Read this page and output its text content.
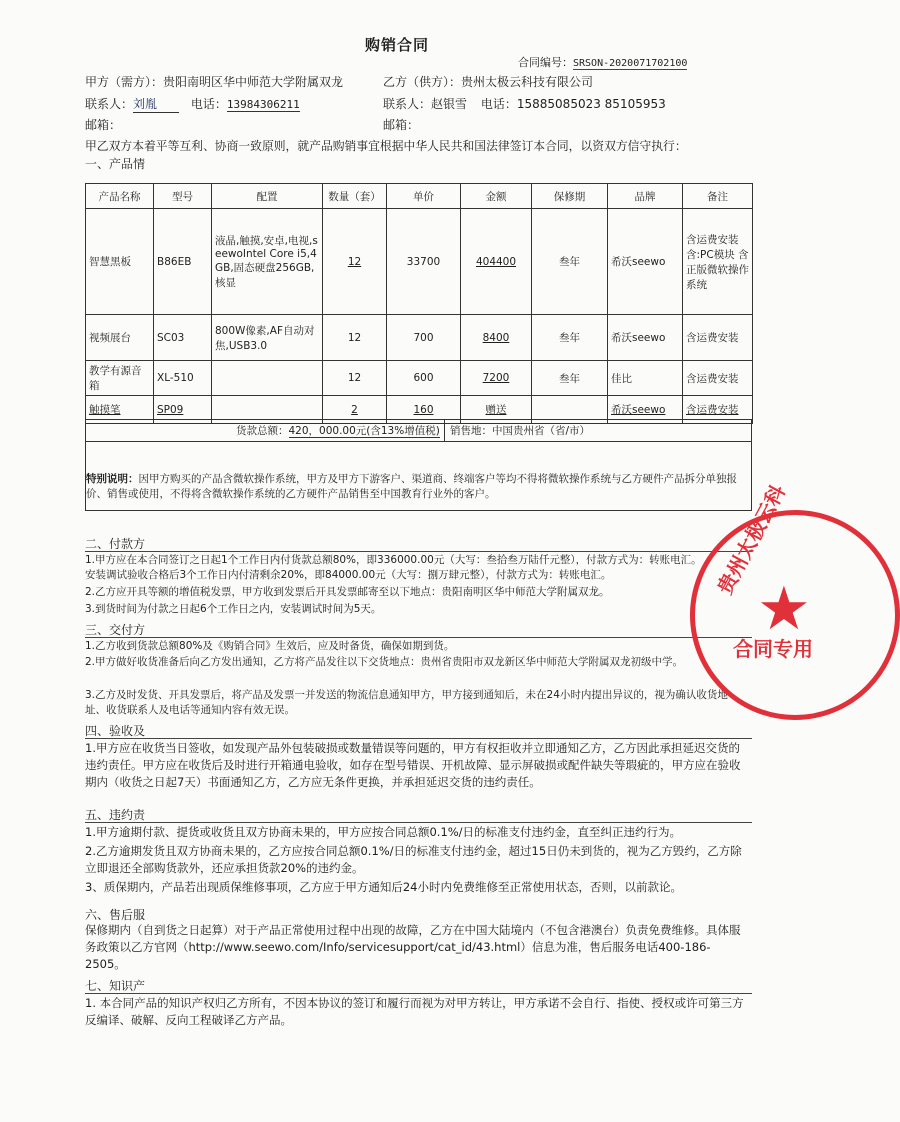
购销合同
合同编号：SRSON-2020071702100
甲方（需方）：贵阳南明区华中师范大学附属双龙
联系人：刘胤	电话：13984306211
邮箱：
乙方（供方）：贵州太极云科技有限公司
联系人：赵银雪 电话：15885085023 85105953
邮箱：
甲乙双方本着平等互利、协商一致原则，就产品购销事宜根据中华人民共和国法律签订本合同，以资双方信守执行：
一、产品情
产品名称	型号	配置	数量（套）	单价	金额	保修期	品牌	备注
智慧黑板	B86EB	液晶,触摸,安卓,电视,seewoIntel Core i5,4GB,固态硬盘256GB,核显	12	33700	404400	叁年	希沃seewo	含运费安装 含:PC模块 含正版微软操作系统
视频展台	SC03	800W像素,AF自动对焦,USB3.0	12	700	8400	叁年	希沃seewo	含运费安装
教学有源音箱	XL-510		12	600	7200	叁年	佳比	含运费安装
触摸笔	SP09		2	160	赠送		希沃seewo	含运费安装
货款总额：420，000.00元(含13%增值税) 销售地：中国贵州省（省/市）
特别说明：因甲方购买的产品含微软操作系统，甲方及甲方下游客户、渠道商、终端客户等均不得将微软操作系统与乙方硬件产品拆分单独报价、销售或使用，不得将含微软操作系统的乙方硬件产品销售至中国教育行业外的客户。
二、付款方
1.甲方应在本合同签订之日起1个工作日内付货款总额80%，即336000.00元（大写：叁拾叁万陆仟元整），付款方式为：转账电汇。安装调试验收合格后3个工作日内付清剩余20%，即84000.00元（大写：捌万肆元整），付款方式为：转账电汇。
2.乙方应开具等额的增值税发票，甲方收到发票后开具发票邮寄至以下地点：贵阳南明区华中师范大学附属双龙。
3.到货时间为付款之日起6个工作日之内，安装调试时间为5天。
三、交付方
1.乙方收到货款总额80%及《购销合同》生效后，应及时备货，确保如期到货。
2.甲方做好收货准备后向乙方发出通知，乙方将产品发往以下交货地点：贵州省贵阳市双龙新区华中师范大学附属双龙初级中学。
3.乙方及时发货、开具发票后，将产品及发票一并发送的物流信息通知甲方，甲方接到通知后，未在24小时内提出异议的，视为确认收货地址、收货联系人及电话等通知内容有效无误。
四、验收及
1.甲方应在收货当日签收，如发现产品外包装破损或数量错误等问题的，甲方有权拒收并立即通知乙方，乙方因此承担延迟交货的违约责任。甲方应在收货后及时进行开箱通电验收，如存在型号错误、开机故障、显示屏破损或配件缺失等瑕疵的，甲方应在验收期内（收货之日起7天）书面通知乙方，乙方应无条件更换，并承担延迟交货的违约责任。
五、违约责
1.甲方逾期付款、提货或收货且双方协商未果的，甲方应按合同总额0.1%/日的标准支付违约金，直至纠正违约行为。
2.乙方逾期发货且双方协商未果的，乙方应按合同总额0.1%/日的标准支付违约金，超过15日仍未到货的，视为乙方毁约，乙方除立即退还全部购货款外，还应承担货款20%的违约金。
3、质保期内，产品若出现质保维修事项，乙方应于甲方通知后24小时内免费维修至正常使用状态，否则，以前款论。
六、售后服
保修期内（自到货之日起算）对于产品正常使用过程中出现的故障，乙方在中国大陆境内（不包含港澳台）负责免费维修。具体服务政策以乙方官网（http://www.seewo.com/Info/servicesupport/cat_id/43.html）信息为准，售后服务电话400-186-2505。
七、知识产
1. 本合同产品的知识产权归乙方所有，不因本协议的签订和履行而视为对甲方转让，甲方承诺不会自行、指使、授权或许可第三方反编译、破解、反向工程破译乙方产品。
★
贵州太极云科
合同专用
